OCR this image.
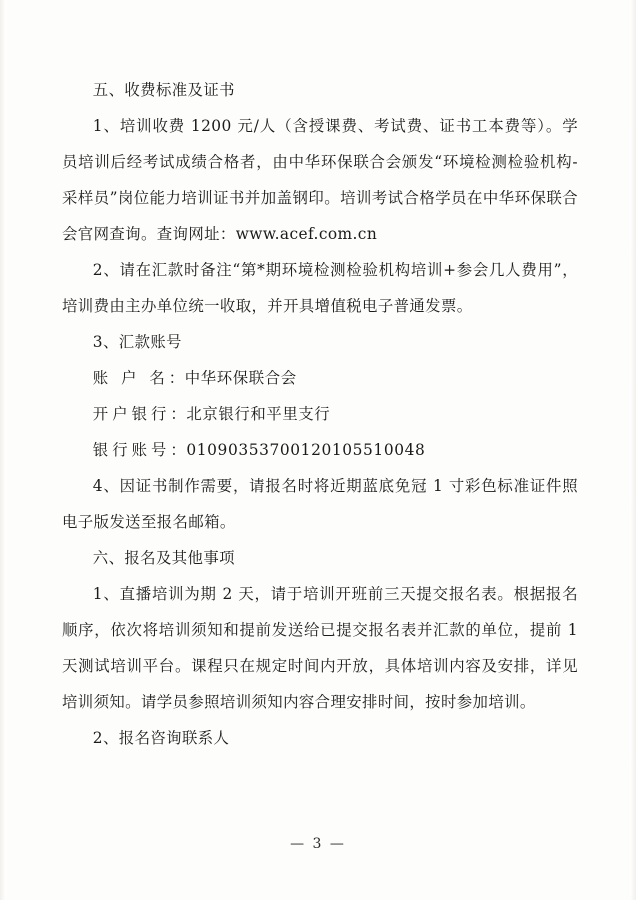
五、收费标准及证书

1、培训收费 1200 元/人（含授课费、考试费、证书工本费等）。学员培训后经考试成绩合格者，由中华环保联合会颁发“环境检测检验机构-采样员”岗位能力培训证书并加盖钢印。培训考试合格学员在中华环保联合会官网查询。查询网址：www.acef.com.cn

2、请在汇款时备注“第*期环境检测检验机构培训+参会几人费用”，培训费由主办单位统一收取，并开具增值税电子普通发票。

3、汇款账号

账 户 名：中华环保联合会

开户银行：北京银行和平里支行

银行账号：01090353700120105510048

4、因证书制作需要，请报名时将近期蓝底免冠 1 寸彩色标准证件照电子版发送至报名邮箱。

六、报名及其他事项

1、直播培训为期 2 天，请于培训开班前三天提交报名表。根据报名顺序，依次将培训须知和提前发送给已提交报名表并汇款的单位，提前 1 天测试培训平台。课程只在规定时间内开放，具体培训内容及安排，详见培训须知。请学员参照培训须知内容合理安排时间，按时参加培训。

2、报名咨询联系人

— 3 —
